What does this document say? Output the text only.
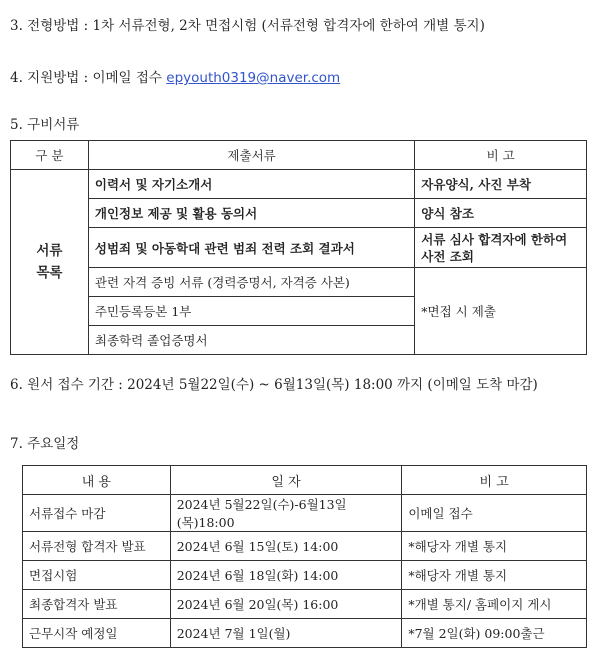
3. 전형방법 : 1차 서류전형, 2차 면접시험 (서류전형 합격자에 한하여 개별 통지)
4. 지원방법 : 이메일 접수 epyouth0319@naver.com
5. 구비서류
구 분	제출서류	비 고

서류
목록	이력서 및 자기소개서	자유양식, 사진 부착
	개인정보 제공 및 활용 동의서	양식 참조
	성범죄 및 아동학대 관련 범죄 전력 조회 결과서	서류 심사 합격자에 한하여 사전 조회
	관련 자격 증빙 서류 (경력증명서, 자격증 사본)	*면접 시 제출
	주민등록등본 1부	
	최종학력 졸업증명서	
6. 원서 접수 기간 : 2024년 5월22일(수) ~ 6월13일(목) 18:00 까지 (이메일 도착 마감)
7. 주요일정
내 용	일 자	비 고
서류접수 마감	2024년 5월22일(수)-6월13일(목)18:00	이메일 접수
서류전형 합격자 발표	2024년 6월 15일(토) 14:00	*해당자 개별 통지
면접시험	2024년 6월 18일(화) 14:00	*해당자 개별 통지
최종합격자 발표	2024년 6월 20일(목) 16:00	*개별 통지/ 홈페이지 게시
근무시작 예정일	2024년 7월 1일(월)	*7월 2일(화) 09:00출근
